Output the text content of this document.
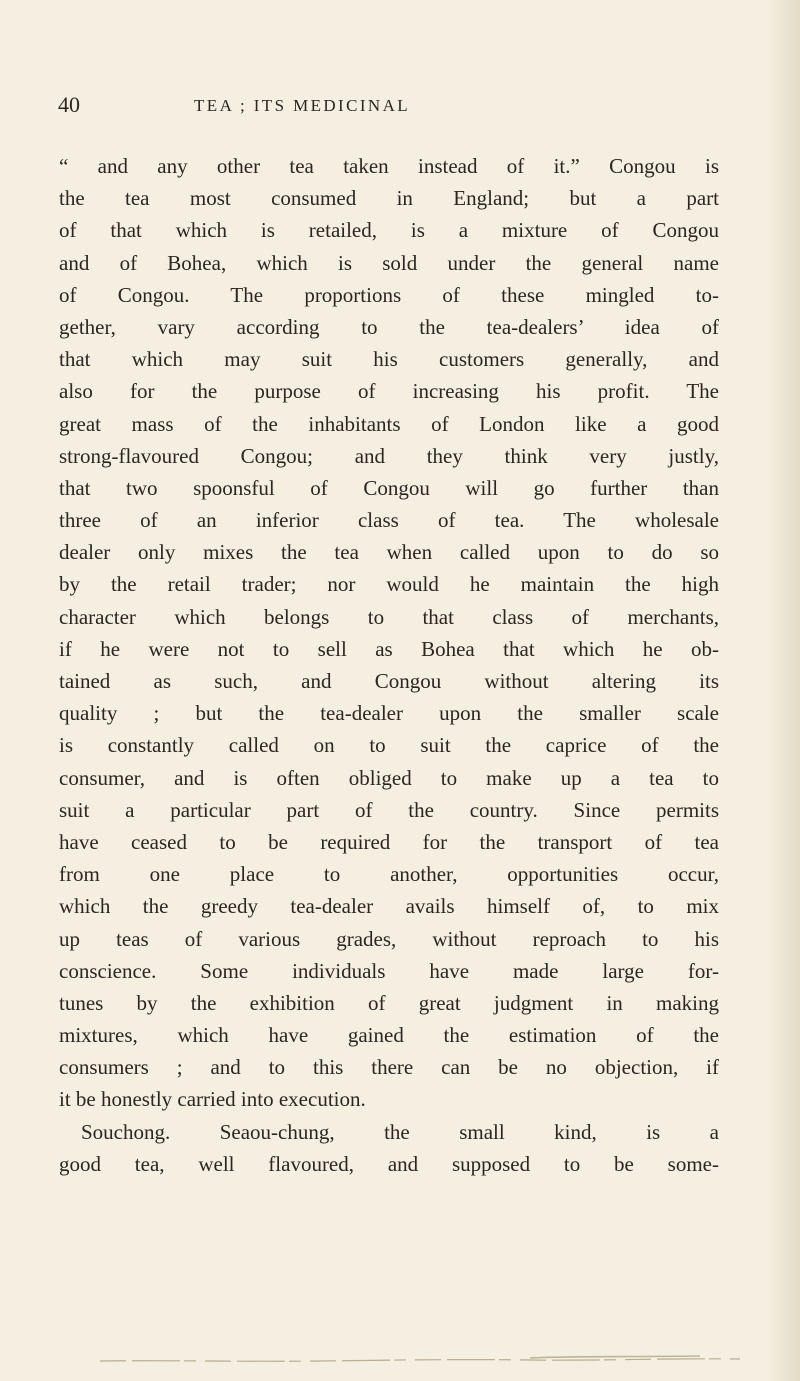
40	TEA ; ITS MEDICINAL
“ and any other tea taken instead of it.” Congou is
the tea most consumed in England; but a part
of that which is retailed, is a mixture of Congou
and of Bohea, which is sold under the general name
of Congou. The proportions of these mingled to-
gether, vary according to the tea-dealers’ idea of
that which may suit his customers generally, and
also for the purpose of increasing his profit. The
great mass of the inhabitants of London like a good
strong-flavoured Congou; and they think very justly,
that two spoonsful of Congou will go further than
three of an inferior class of tea. The wholesale
dealer only mixes the tea when called upon to do so
by the retail trader; nor would he maintain the high
character which belongs to that class of merchants,
if he were not to sell as Bohea that which he ob-
tained as such, and Congou without altering its
quality ; but the tea-dealer upon the smaller scale
is constantly called on to suit the caprice of the
consumer, and is often obliged to make up a tea to
suit a particular part of the country. Since permits
have ceased to be required for the transport of tea
from one place to another, opportunities occur,
which the greedy tea-dealer avails himself of, to mix
up teas of various grades, without reproach to his
conscience. Some individuals have made large for-
tunes by the exhibition of great judgment in making
mixtures, which have gained the estimation of the
consumers ; and to this there can be no objection, if
it be honestly carried into execution.
Souchong. Seaou-chung, the small kind, is a
good tea, well flavoured, and supposed to be some-
